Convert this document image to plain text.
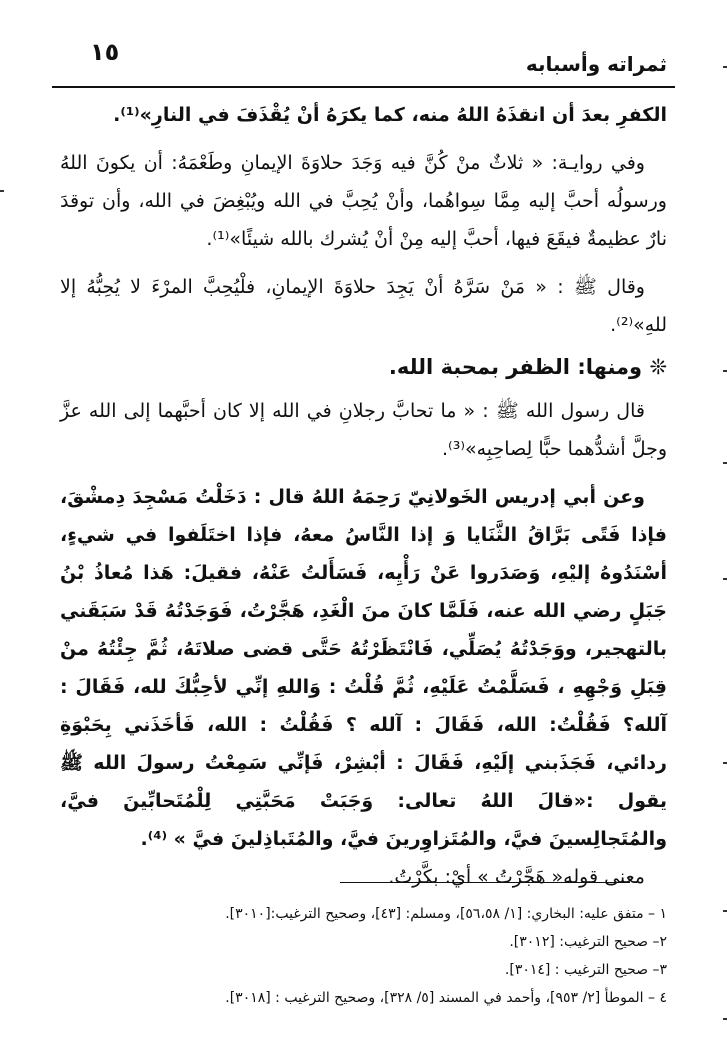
١٥	ثمراته وأسبابه

الكفرِ بعدَ أن انقذَهُ اللهُ منه، كما يكرَهُ أنْ يُقْذَفَ في النارِ»⁽¹⁾.

وفي روايـة: « ثلاثٌ منْ كُنَّ فيه وَجَدَ حلاوَةَ الإيمانِ وطَعْمَهُ: أن يكونَ اللهُ ورسولُه أحبَّ إليه مِمَّا سِواهُما، وأنْ يُحِبَّ في الله ويُبْغِضَ في الله، وأن توقدَ نارٌ عظيمةٌ فيقَعَ فيها، أحبَّ إليه مِنْ أنْ يُشرك بالله شيئًا»⁽¹⁾.

وقال ﷺ : « مَنْ سَرَّهُ أنْ يَجِدَ حلاوَةَ الإيمانِ، فلْيُحِبَّ المرْءَ لا يُحِبُّهُ إلا للهِ»⁽²⁾.

❊ ومنها: الظفر بمحبة الله.

قال رسول الله ﷺ : « ما تحابَّ رجلانِ في الله إلا كان أحبَّهما إلى الله عزَّ وجلَّ أشدُّهما حبًّا لِصاحِبِه»⁽³⁾.

وعن أبي إدريس الخَولانِيّ رَحِمَهُ اللهُ قال : دَخَلْتُ مَسْجِدَ دِمشْقَ، فإذا فَتًى بَرَّاقُ الثَّنَايا وَ إذا النَّاسُ معهُ، فإذا اختَلَفوا في شيءٍ، أسْنَدُوهُ إليْهِ، وَصَدَروا عَنْ رَأْيِه، فَسَأَلتُ عَنْهُ، فقيلَ: هَذا مُعاذُ بْنُ جَبَلٍ رضي الله عنه، فَلَمَّا كانَ منَ الْغَدِ، هَجَّرْتُ، فَوَجَدْتُهُ قَدْ سَبَقَني بالتهجير، ووَجَدْتُهُ يُصَلِّي، فَانْتَظَرْتُهُ حَتَّى قضى صلاتَهُ، ثُمَّ جِئْتُهُ منْ قِبَلِ وَجْهِهِ ، فَسَلَّمْتُ عَلَيْهِ، ثُمَّ قُلْتُ : وَاللهِ إنِّي لأحِبُّكَ لله، فَقَالَ : آلله؟ فَقُلْتُ: الله، فَقَالَ : آلله ؟ فَقُلْتُ : الله، فَأخَذَني بِحَبْوَةِ ردائي، فَجَذَبني إلَيْهِ، فَقَالَ : أبْشِرْ، فَإنِّي سَمِعْتُ رسولَ الله ﷺ يقول :«قالَ اللهُ تعالى: وَجَبَتْ مَحَبَّتِي لِلْمُتَحابِّينَ فيَّ، والمُتَجالِسينَ فيَّ، والمُتَزاوِرينَ فيَّ، والمُتَباذِلينَ فيَّ » ⁽⁴⁾.

معنى قوله« هَجَّرْتُ » أيْ: بكَّرْتُ.

١ – متفق عليه: البخاري: [١/ ٥٦،٥٨]، ومسلم: [٤٣]، وصحيح الترغيب:[٣٠١٠].

٢– صحيح الترغيب: [٣٠١٢].

٣– صحيح الترغيب : [٣٠١٤].

٤ – الموطأ [٢/ ٩٥٣]، وأحمد في المسند [٥/ ٣٢٨]، وصحيح الترغيب : [٣٠١٨].
